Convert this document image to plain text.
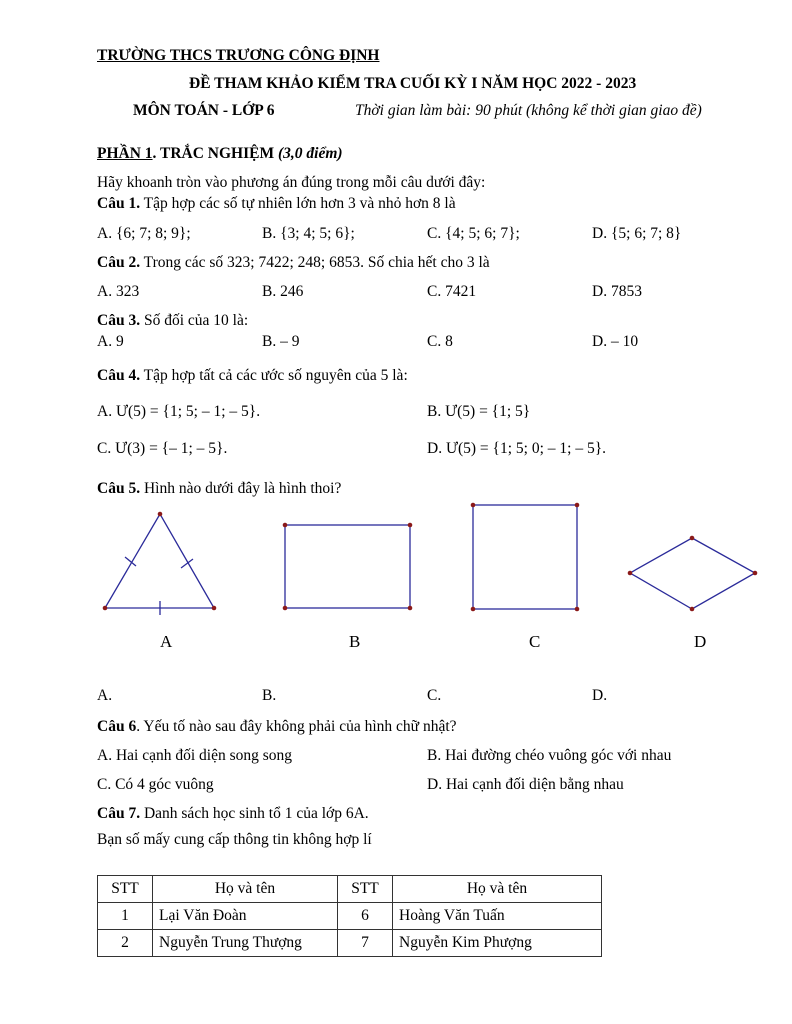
TRƯỜNG THCS TRƯƠNG CÔNG ĐỊNH
ĐỀ THAM KHẢO KIỂM TRA CUỐI KỲ I NĂM HỌC 2022 - 2023
MÔN TOÁN - LỚP 6	Thời gian làm bài: 90 phút (không kể thời gian giao đề)
PHẦN 1. TRẮC NGHIỆM (3,0 điểm)
Hãy khoanh tròn vào phương án đúng trong mỗi câu dưới đây:
Câu 1. Tập hợp các số tự nhiên lớn hơn 3 và nhỏ hơn 8 là
A. {6; 7; 8; 9};	B. {3; 4; 5; 6};	C. {4; 5; 6; 7};	D. {5; 6; 7; 8}
Câu 2. Trong các số 323; 7422; 248; 6853. Số chia hết cho 3 là
A. 323	B. 246	C. 7421	D. 7853
Câu 3. Số đối của 10 là:
A. 9	B. – 9	C. 8	D. – 10
Câu 4. Tập hợp tất cả các ước số nguyên của 5 là:
A. Ư(5) = {1; 5; – 1; – 5}.	B. Ư(5) = {1; 5}
C. Ư(3) = {– 1; – 5}.	D. Ư(5) = {1; 5; 0; – 1; – 5}.
Câu 5. Hình nào dưới đây là hình thoi?
A	B	C	D
A.	B.	C.	D.
Câu 6. Yếu tố nào sau đây không phải của hình chữ nhật?
A. Hai cạnh đối diện song song	B. Hai đường chéo vuông góc với nhau
C. Có 4 góc vuông	D. Hai cạnh đối diện bằng nhau
Câu 7. Danh sách học sinh tổ 1 của lớp 6A.
Bạn số mấy cung cấp thông tin không hợp lí
STT	Họ và tên	STT	Họ và tên
1	Lại Văn Đoàn	6	Hoàng Văn Tuấn
2	Nguyễn Trung Thượng	7	Nguyễn Kim Phượng
